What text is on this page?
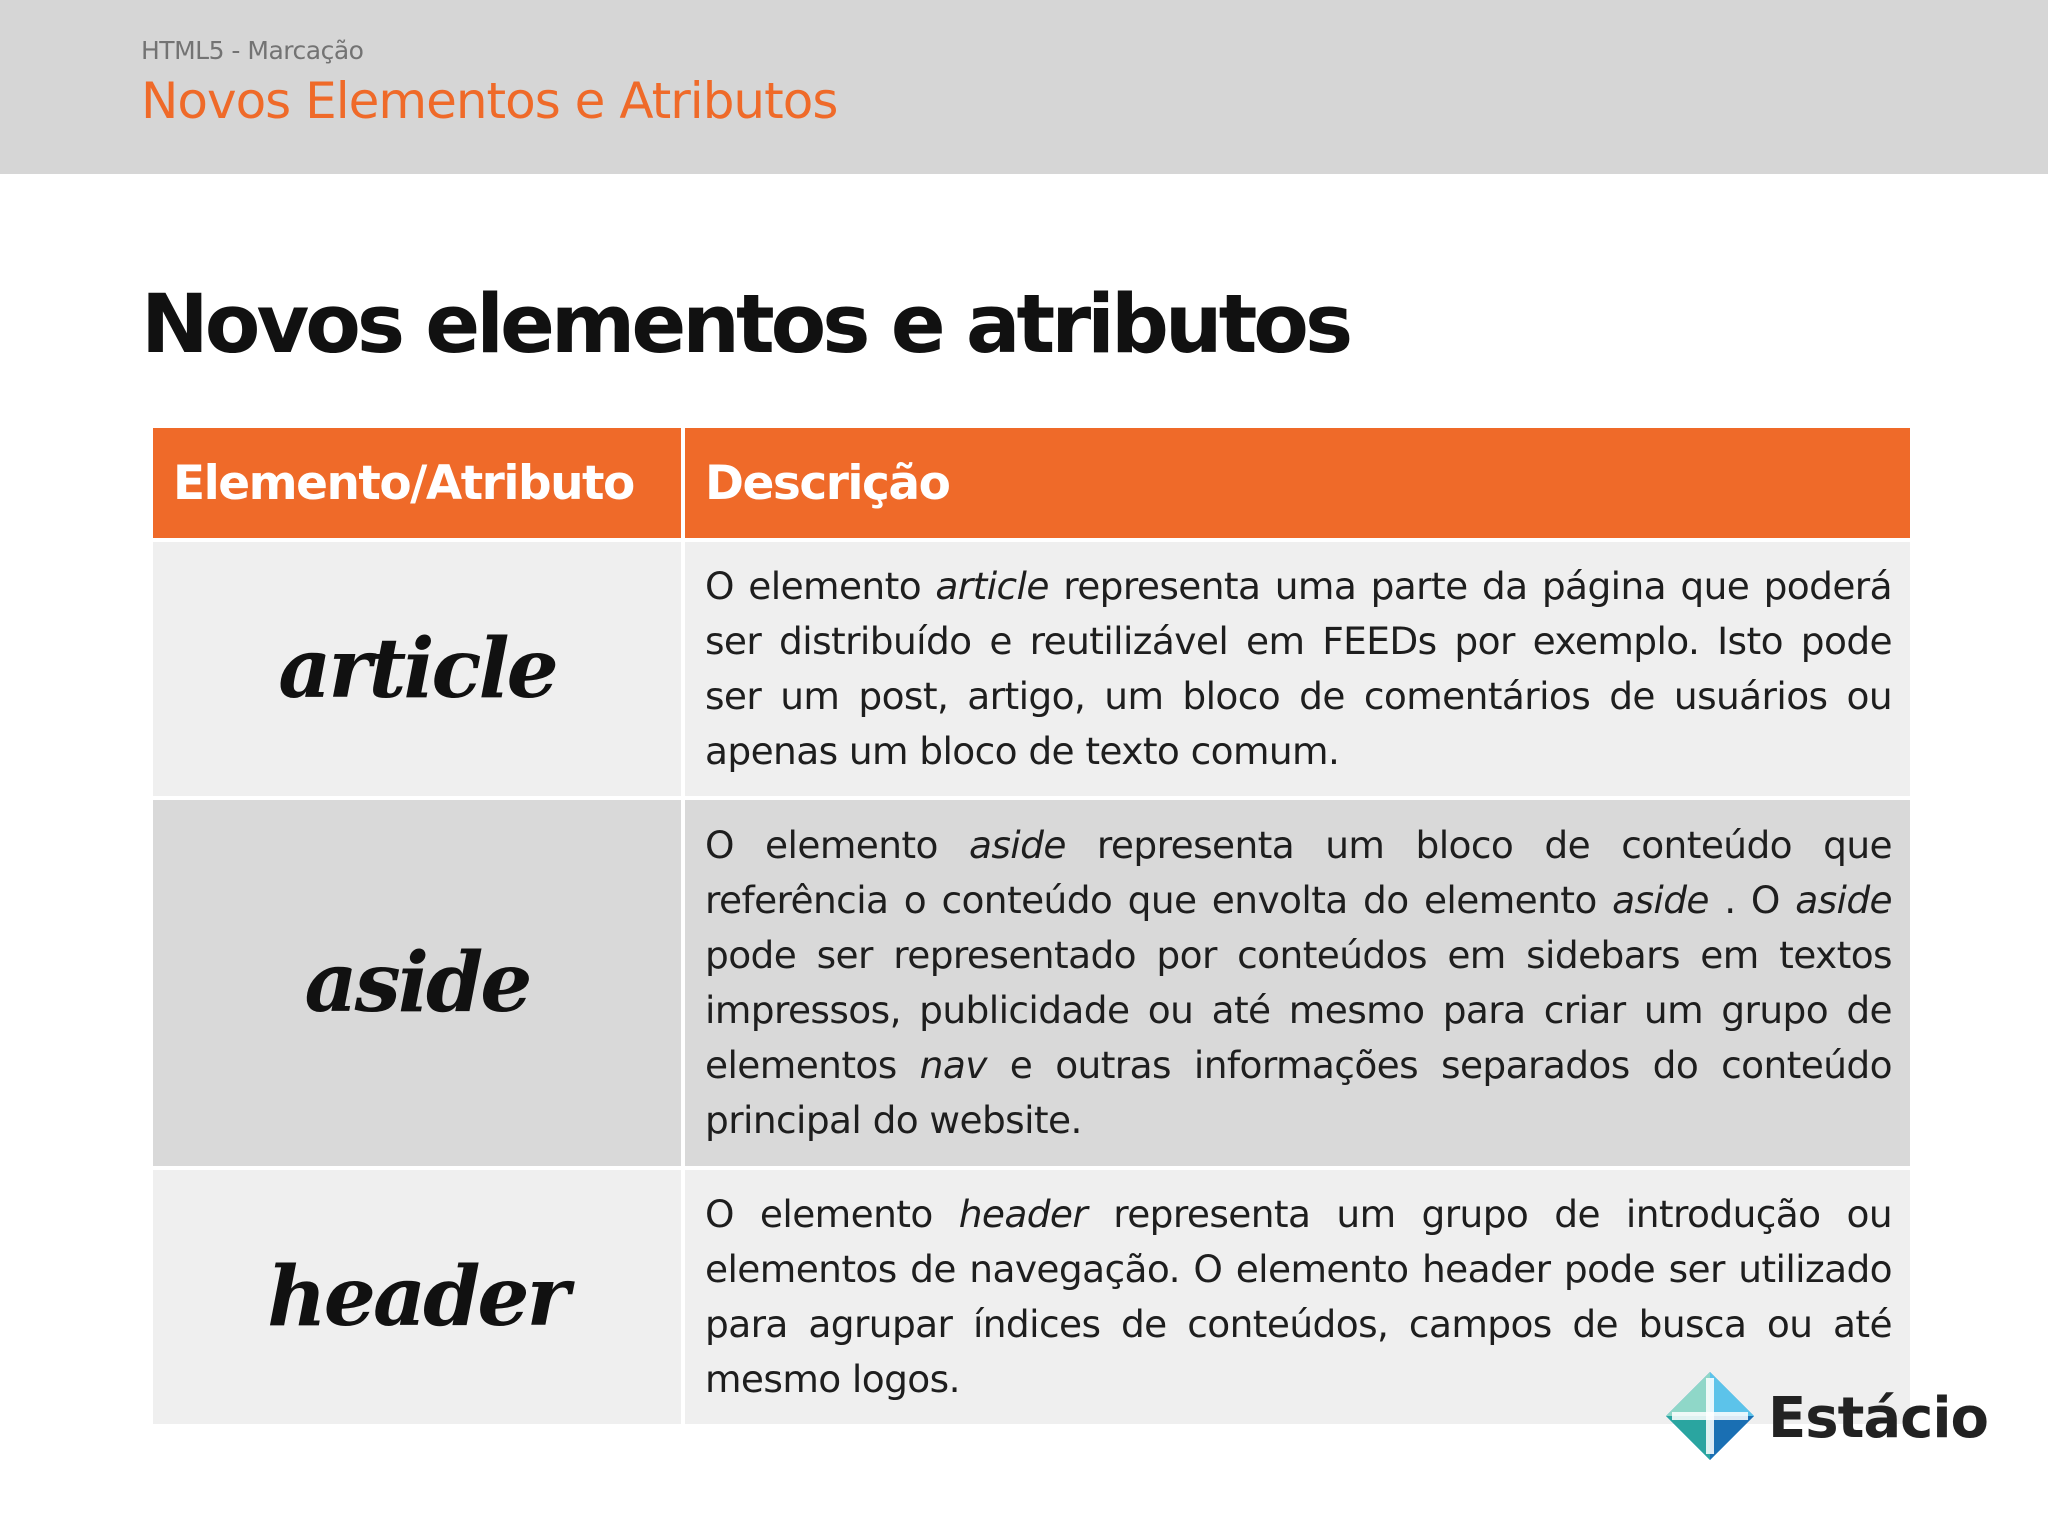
HTML5 - Marcação
Novos Elementos e Atributos
Novos elementos e atributos
Elemento/Atributo	Descrição
article	O elemento article representa uma parte da página que poderá ser distribuído e reutilizável em FEEDs por exemplo. Isto pode ser um post, artigo, um bloco de comentários de usuários ou apenas um bloco de texto comum.
aside	O elemento aside representa um bloco de conteúdo que referência o conteúdo que envolta do elemento aside . O aside pode ser representado por conteúdos em sidebars em textos impressos, publicidade ou até mesmo para criar um grupo de elementos nav e outras informações separados do conteúdo principal do website.
header	O elemento header representa um grupo de introdução ou elementos de navegação. O elemento header pode ser utilizado para agrupar índices de conteúdos, campos de busca ou até mesmo logos.
Estácio
